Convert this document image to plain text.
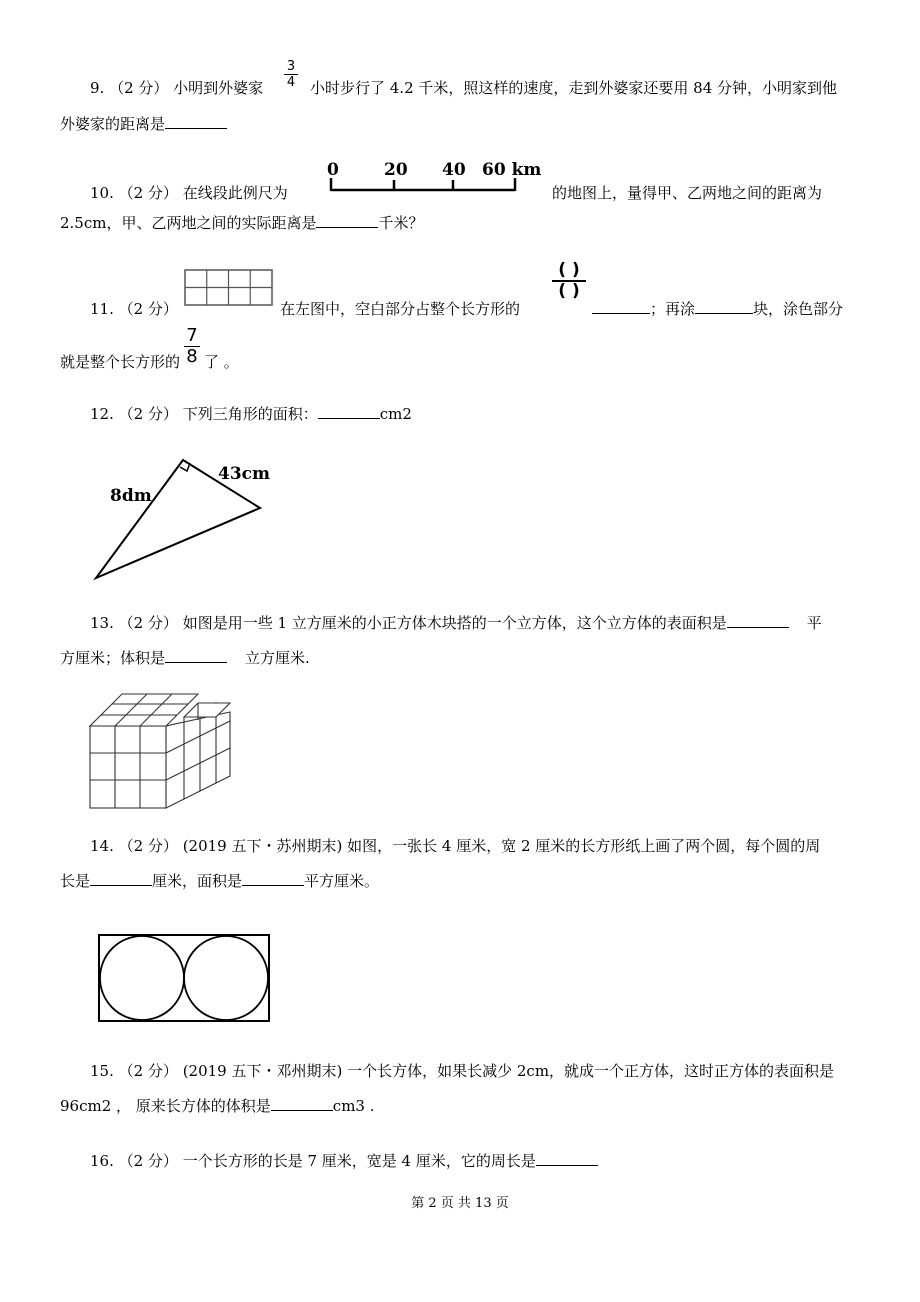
9. （2 分） 小明到外婆家
3
4 小时步行了 4.2 千米，照这样的速度，走到外婆家还要用 84 分钟，小明家到他
外婆家的距离是
10. （2 分） 在线段此例尺为
0	20 40 60 km
的地图上，量得甲、乙两地之间的距离为
2.5cm，甲、乙两地之间的实际距离是	千米？
11. （2 分）	在左图中，空白部分占整个长方形的
( )
( )
；再涂	块，涂色部分
就是整个长方形的
7
8 了 。
12. （2 分） 下列三角形的面积：	cm2
8dm
43cm
13. （2 分） 如图是用一些 1 立方厘米的小正方体木块搭的一个立方体，这个立方体的表面积是	平
方厘米；体积是	立方厘米.
14. （2 分） (2019 五下・苏州期末) 如图，一张长 4 厘米，宽 2 厘米的长方形纸上画了两个圆，每个圆的周
长是	厘米，面积是	平方厘米。
15. （2 分） (2019 五下・邓州期末) 一个长方体，如果长减少 2cm，就成一个正方体，这时正方体的表面积是
96cm2 ， 原来长方体的体积是	cm3 .
16. （2 分） 一个长方形的长是 7 厘米，宽是 4 厘米，它的周长是
第 2 页 共 13 页
